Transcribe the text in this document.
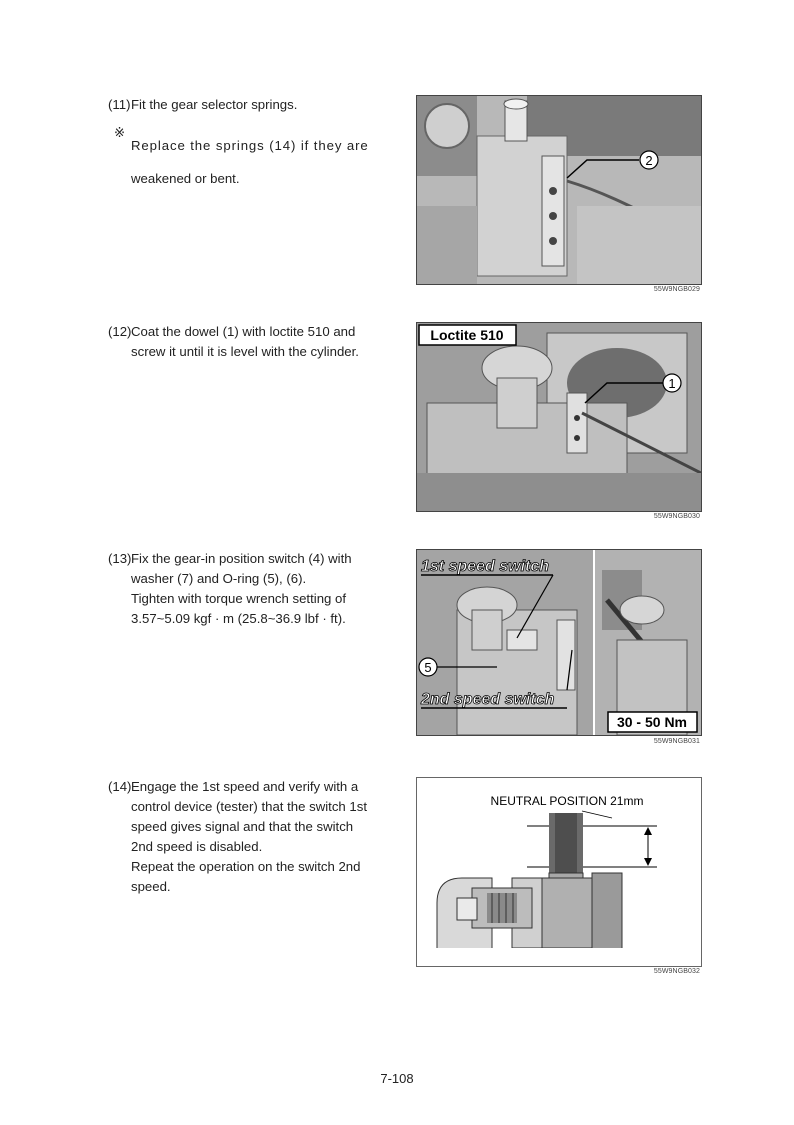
(11) Fit the gear selector springs.

※

Replace the springs (14) if they are

weakened or bent.

(12) Coat the dowel (1) with loctite 510 and

screw it until it is level with the cylinder.

(13) Fix the gear-in position switch (4) with

washer (7) and O-ring (5), (6).

Tighten with torque wrench setting of

3.57~5.09 kgf · m (25.8~36.9 lbf · ft).

(14) Engage the 1st speed and verify with a

control device (tester) that the switch 1st

speed gives signal and that the switch

2nd speed is disabled.

Repeat the operation on the switch 2nd

speed.

2
55W9NGB029
Loctite 510
1
55W9NGB030
1st speed switch
2nd speed switch
5
30 - 50 Nm
55W9NGB031
NEUTRAL POSITION 21mm
55W9NGB032
7-108
